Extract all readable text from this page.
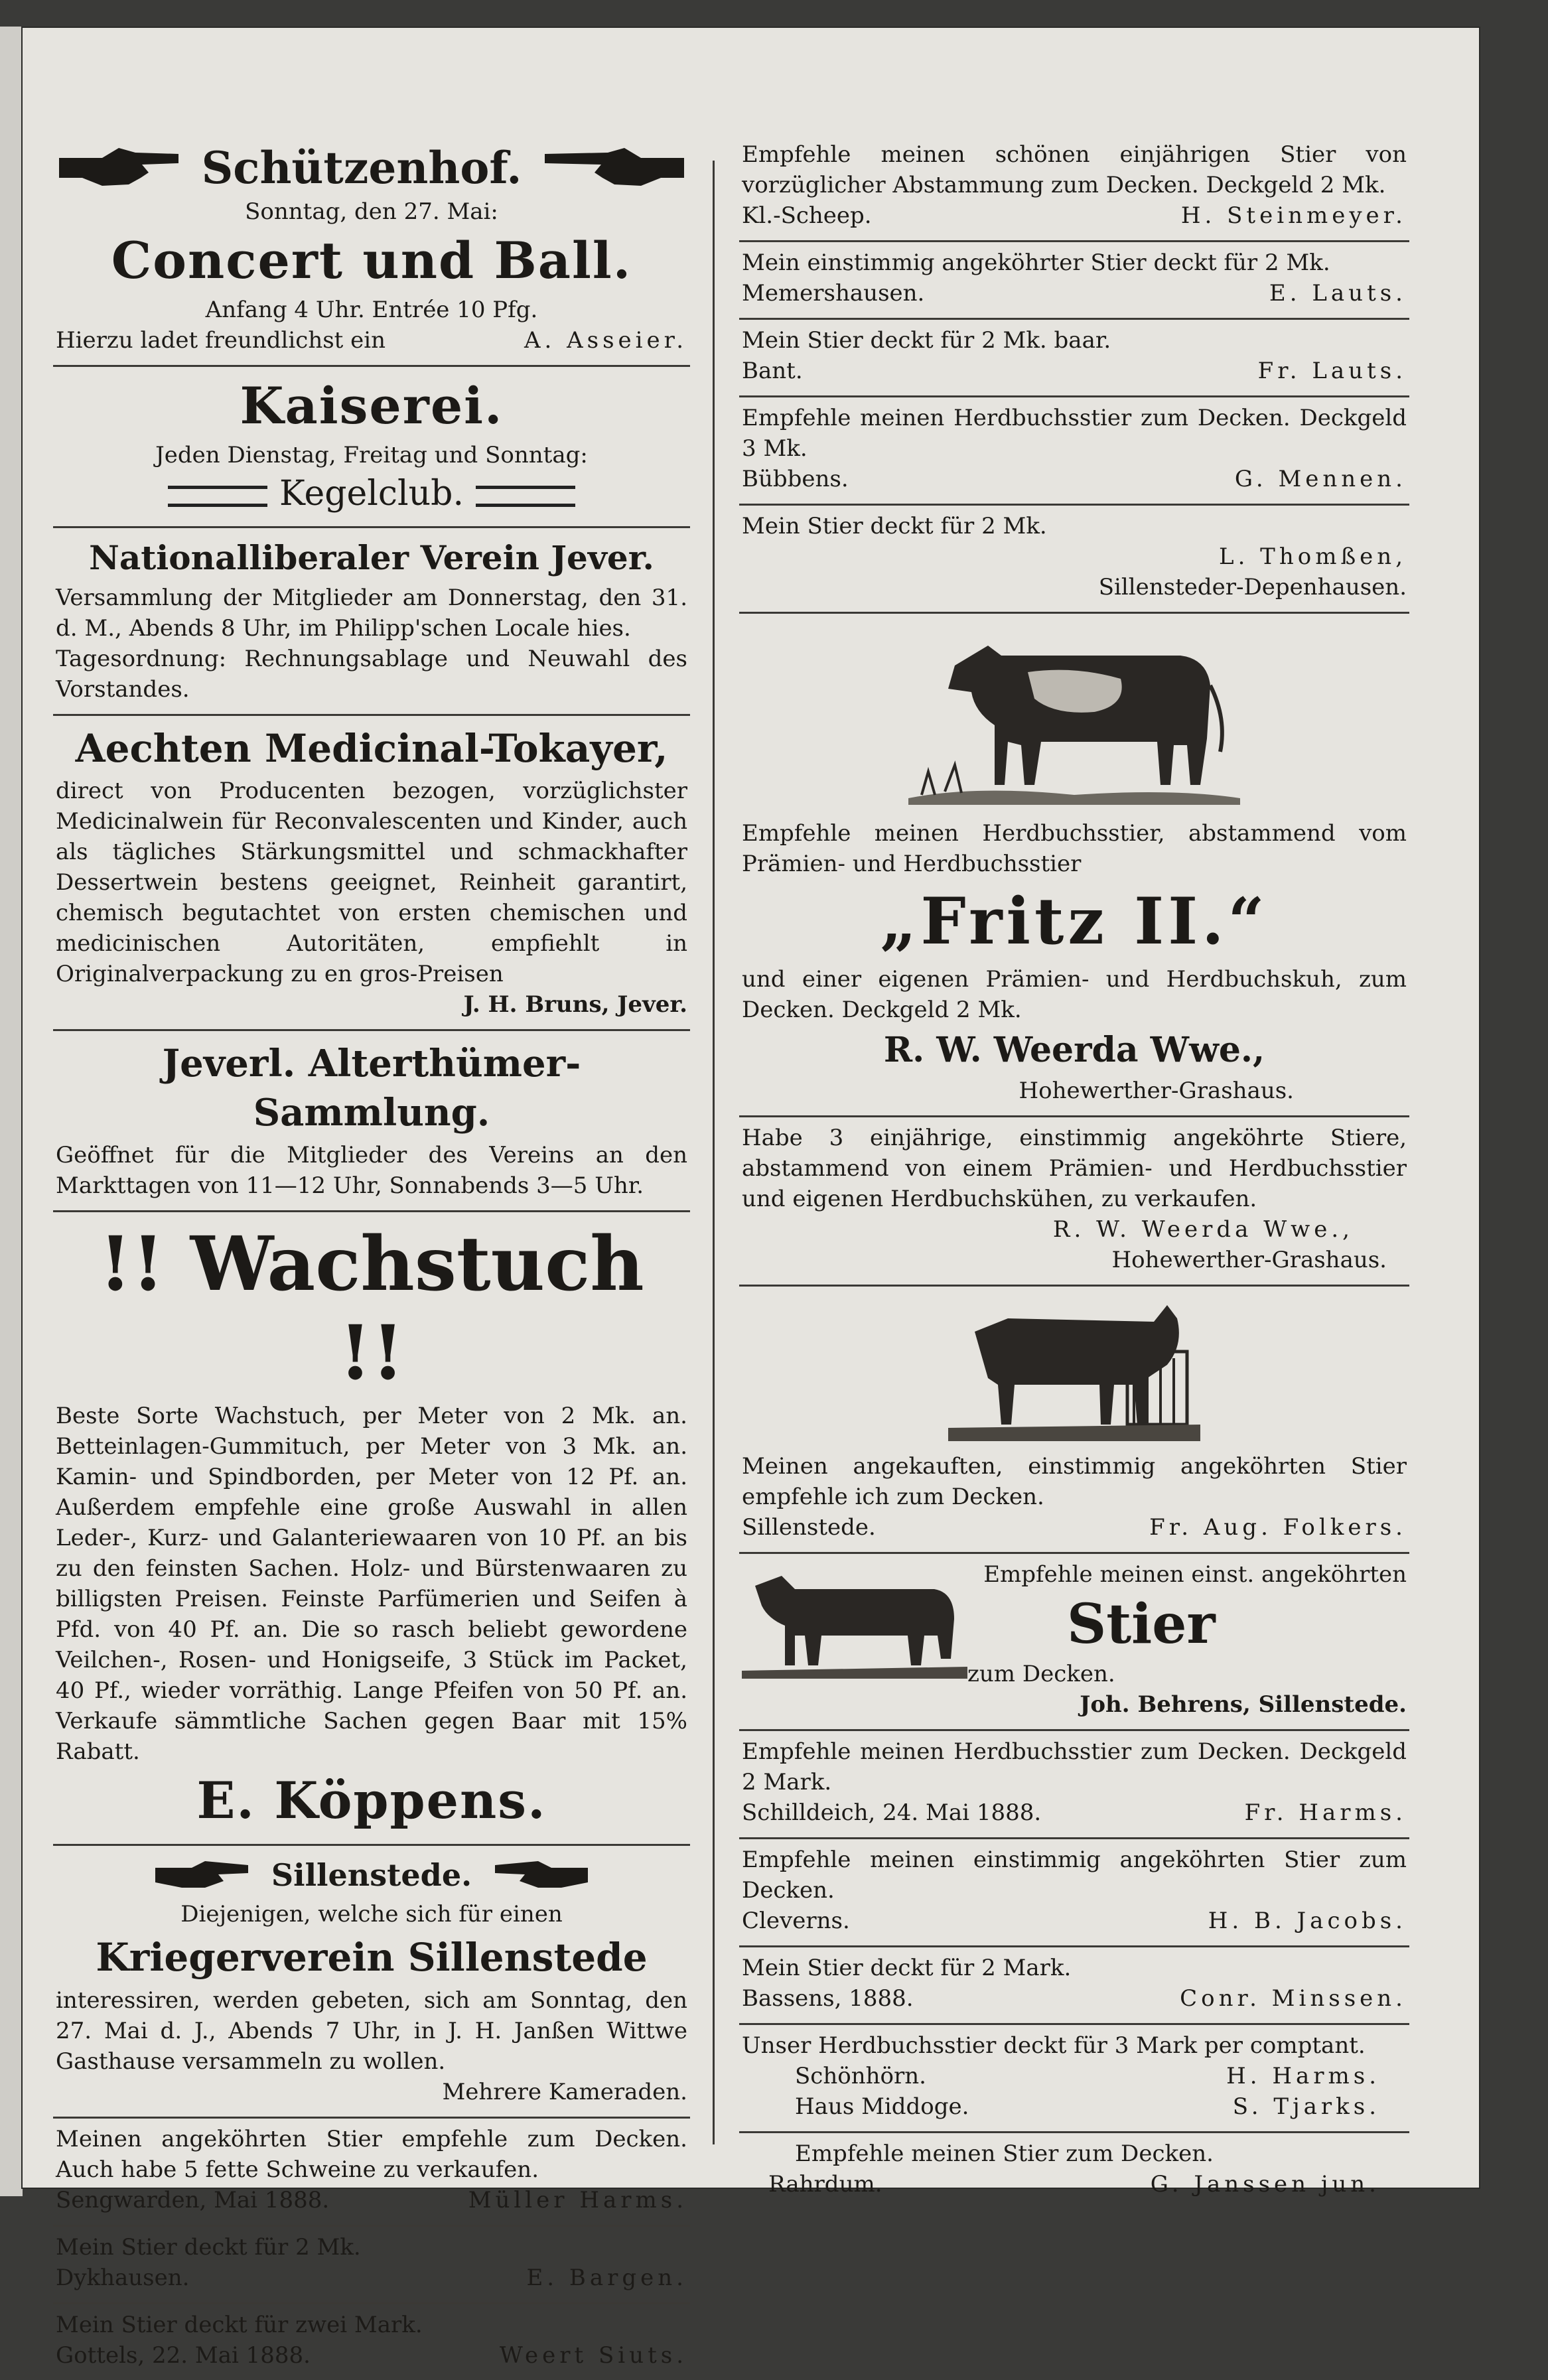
Schützenhof.

Sonntag, den 27. Mai:

Concert und Ball.

Anfang 4 Uhr. Entrée 10 Pfg.

Hierzu ladet freundlichst ein	A. Asseier.
Kaiserei.

Jeden Dienstag, Freitag und Sonntag:

Kegelclub.
Nationalliberaler Verein Jever.

Versammlung der Mitglieder am Donnerstag, den 31. d. M., Abends 8 Uhr, im Philipp'schen Locale hies.

Tagesordnung: Rechnungsablage und Neuwahl des Vorstandes.

Aechten Medicinal-Tokayer,

direct von Producenten bezogen, vorzüglichster Medicinalwein für Reconvalescenten und Kinder, auch als tägliches Stärkungsmittel und schmackhafter Dessertwein bestens geeignet, Reinheit garantirt, chemisch begutachtet von ersten chemischen und medicinischen Autoritäten, empfiehlt in Originalverpackung zu en gros-Preisen

J. H. Bruns, Jever.

Jeverl. Alterthümer-Sammlung.

Geöffnet für die Mitglieder des Vereins an den Markttagen von 11—12 Uhr, Sonnabends 3—5 Uhr.

!! Wachstuch !!

Beste Sorte Wachstuch, per Meter von 2 Mk. an. Betteinlagen-Gummituch, per Meter von 3 Mk. an. Kamin- und Spindborden, per Meter von 12 Pf. an. Außerdem empfehle eine große Auswahl in allen Leder-, Kurz- und Galanteriewaaren von 10 Pf. an bis zu den feinsten Sachen. Holz- und Bürstenwaaren zu billigsten Preisen. Feinste Parfümerien und Seifen à Pfd. von 40 Pf. an. Die so rasch beliebt gewordene Veilchen-, Rosen- und Honigseife, 3 Stück im Packet, 40 Pf., wieder vorräthig. Lange Pfeifen von 50 Pf. an. Verkaufe sämmtliche Sachen gegen Baar mit 15% Rabatt.

E. Köppens.
Sillenstede.

Diejenigen, welche sich für einen

Kriegerverein Sillenstede

interessiren, werden gebeten, sich am Sonntag, den 27. Mai d. J., Abends 7 Uhr, in J. H. Janßen Wittwe Gasthause versammeln zu wollen.

Mehrere Kameraden.

Meinen angeköhrten Stier empfehle zum Decken. Auch habe 5 fette Schweine zu verkaufen.

Sengwarden, Mai 1888.	Müller Harms.

Mein Stier deckt für 2 Mk.

Dykhausen.	E. Bargen.

Mein Stier deckt für zwei Mark.

Gottels, 22. Mai 1888.	Weert Siuts.

Empfehle meinen schönen einjährigen Stier von vorzüglicher Abstammung zum Decken. Deckgeld 2 Mk.

Kl.-Scheep.	H. Steinmeyer.

Mein einstimmig angeköhrter Stier deckt für 2 Mk.

Memershausen.	E. Lauts.

Mein Stier deckt für 2 Mk. baar.

Bant.	Fr. Lauts.

Empfehle meinen Herdbuchsstier zum Decken. Deckgeld 3 Mk.

Bübbens.	G. Mennen.

Mein Stier deckt für 2 Mk.

L. Thomßen,

Sillensteder-Depenhausen.

Empfehle meinen Herdbuchsstier, abstammend vom Prämien- und Herdbuchsstier

„Fritz II.“

und einer eigenen Prämien- und Herdbuchskuh, zum Decken. Deckgeld 2 Mk.

R. W. Weerda Wwe.,

Hohewerther-Grashaus.

Habe 3 einjährige, einstimmig angeköhrte Stiere, abstammend von einem Prämien- und Herdbuchsstier und eigenen Herdbuchskühen, zu verkaufen.

R. W. Weerda Wwe.,

Hohewerther-Grashaus.

Meinen angekauften, einstimmig angeköhrten Stier empfehle ich zum Decken.

Sillenstede.	Fr. Aug. Folkers.

Empfehle meinen einst. angeköhrten

Stier

zum Decken.

Joh. Behrens, Sillenstede.

Empfehle meinen Herdbuchsstier zum Decken. Deckgeld 2 Mark.

Schilldeich, 24. Mai 1888.	Fr. Harms.

Empfehle meinen einstimmig angeköhrten Stier zum Decken.

Cleverns.	H. B. Jacobs.

Mein Stier deckt für 2 Mark.

Bassens, 1888.	Conr. Minssen.

Unser Herdbuchsstier deckt für 3 Mark per comptant.

Schönhörn.	H. Harms.
Haus Middoge.	S. Tjarks.

Empfehle meinen Stier zum Decken.

Rahrdum.	G. Janssen jun.
